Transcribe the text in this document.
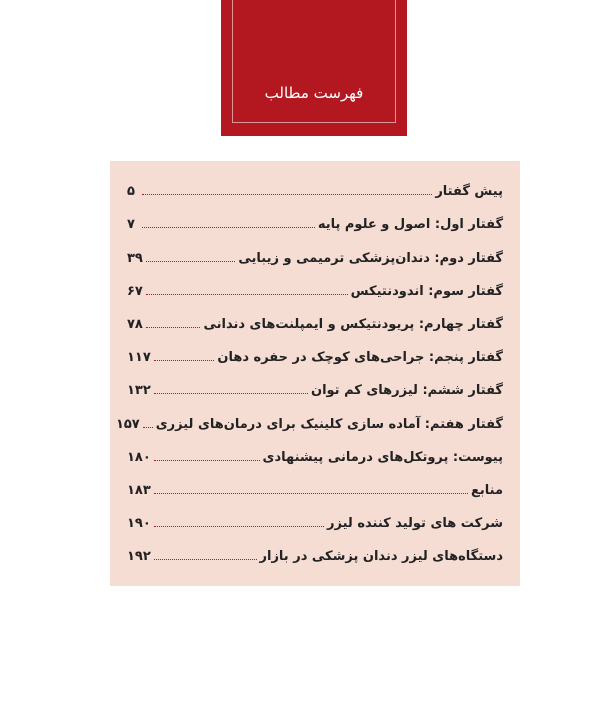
فهرست مطالب
پیش گفتار
۵
گفتار اول: اصول و علوم پایه
۷
گفتار دوم: دندان‌پزشکی ترمیمی و زیبایی
۳۹
گفتار سوم: اندودنتیکس
۶۷
گفتار چهارم: پریودنتیکس و ایمپلنت‌های دندانی
۷۸
گفتار پنجم: جراحی‌های کوچک در حفره دهان
۱۱۷
گفتار ششم: لیزرهای کم توان
۱۳۲
گفتار هفتم: آماده سازی کلینیک برای درمان‌های لیزری
۱۵۷
پیوست: پروتکل‌های درمانی پیشنهادی
۱۸۰
منابع
۱۸۳
شرکت های تولید کننده لیزر
۱۹۰
دستگاه‌های لیزر دندان پزشکی در بازار
۱۹۲
